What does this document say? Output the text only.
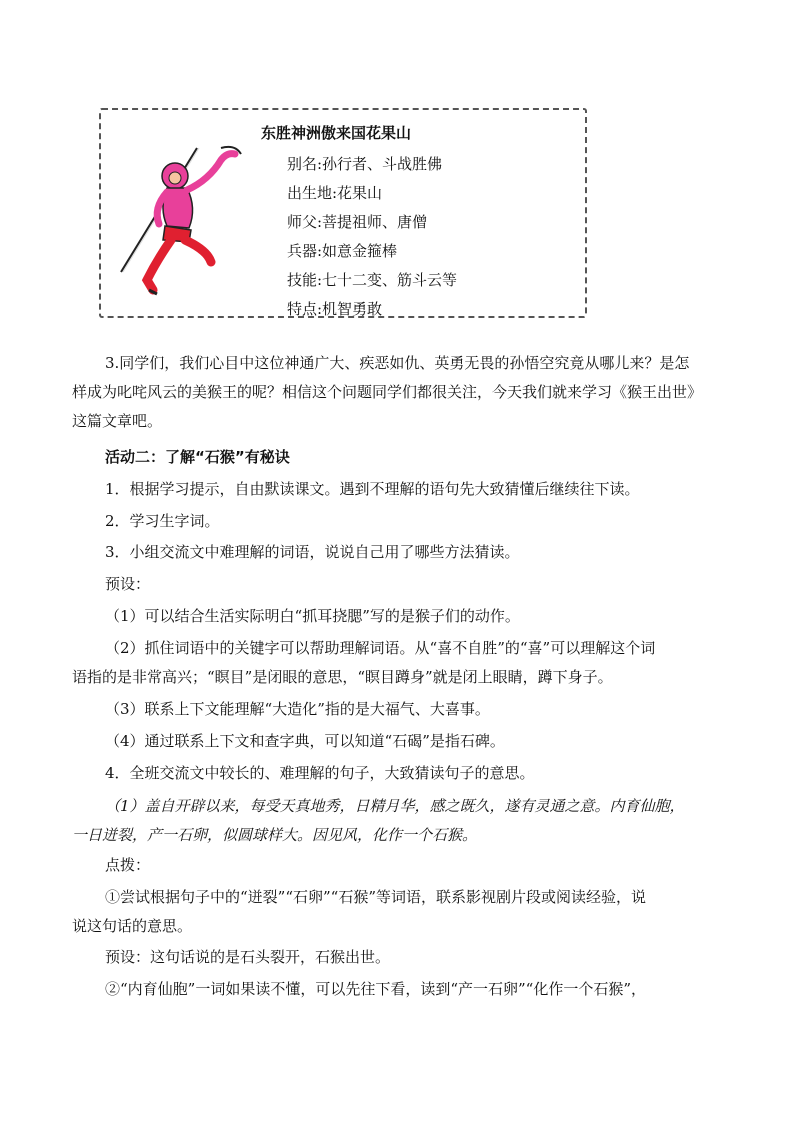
东胜神洲傲来国花果山
别名:孙行者、斗战胜佛
出生地:花果山
师父:菩提祖师、唐僧
兵器:如意金箍棒
技能:七十二变、筋斗云等
特点:机智勇敢
3.同学们，我们心目中这位神通广大、疾恶如仇、英勇无畏的孙悟空究竟从哪儿来？是怎
样成为叱咤风云的美猴王的呢？相信这个问题同学们都很关注，今天我们就来学习《猴王出世》
这篇文章吧。
活动二：了解“石猴”有秘诀
1．根据学习提示，自由默读课文。遇到不理解的语句先大致猜懂后继续往下读。
2．学习生字词。
3．小组交流文中难理解的词语，说说自己用了哪些方法猜读。
预设：
（1）可以结合生活实际明白“抓耳挠腮”写的是猴子们的动作。
（2）抓住词语中的关键字可以帮助理解词语。从“喜不自胜”的“喜”可以理解这个词
语指的是非常高兴；“瞑目”是闭眼的意思，“瞑目蹲身”就是闭上眼睛，蹲下身子。
（3）联系上下文能理解“大造化”指的是大福气、大喜事。
（4）通过联系上下文和查字典，可以知道“石碣”是指石碑。
4．全班交流文中较长的、难理解的句子，大致猜读句子的意思。
（1）盖自开辟以来，每受天真地秀，日精月华，感之既久，遂有灵通之意。内育仙胞，
一日迸裂，产一石卵，似圆球样大。因见风，化作一个石猴。
点拨：
①尝试根据句子中的“迸裂”“石卵”“石猴”等词语，联系影视剧片段或阅读经验，说
说这句话的意思。
预设：这句话说的是石头裂开，石猴出世。
②“内育仙胞”一词如果读不懂，可以先往下看，读到“产一石卵”“化作一个石猴”，
